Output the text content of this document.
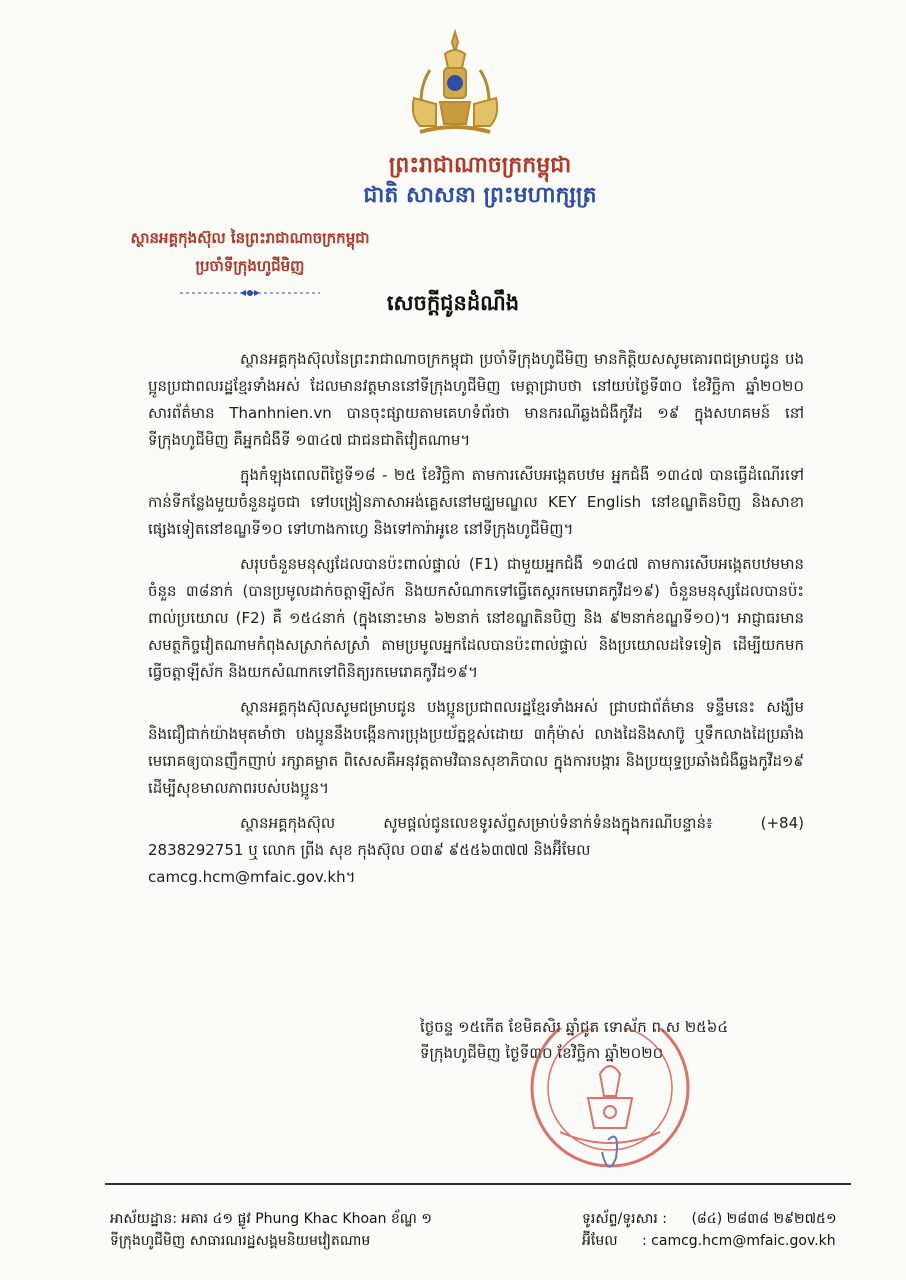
ព្រះរាជាណាចក្រកម្ពុជា
ជាតិ សាសនា ព្រះមហាក្សត្រ
ស្ថានអគ្គកុងស៊ុល នៃព្រះរាជាណាចក្រកម្ពុជា
ប្រចាំទីក្រុងហូជីមិញ
សេចក្តីជូនដំណឹង

ស្ថានអគ្គកុងស៊ុលនៃព្រះរាជាណាចក្រកម្ពុជា ប្រចាំទីក្រុងហូជីមិញ មានកិត្តិយសសូមគោរពជម្រាបជូន បងប្អូនប្រជាពលរដ្ឋខ្មែរទាំងអស់ ដែលមានវត្តមាននៅទីក្រុងហូជីមិញ មេត្តាជ្រាបថា នៅយប់ថ្ងៃទី៣០ ខែវិច្ឆិកា ឆ្នាំ២០២០ សារព័ត៌មាន Thanhnien.vn បានចុះផ្សាយតាមគេហទំព័រថា មានករណីឆ្លងជំងឺកូវីដ ១៩ ក្នុងសហគមន៍ នៅទីក្រុងហូជីមិញ គឺអ្នកជំងឺទី ១៣៤៧ ជាជនជាតិវៀតណាម។

ក្នុងកំឡុងពេលពីថ្ងៃទី១៨ - ២៥ ខែវិច្ឆិកា តាមការសើបអង្កេតបឋម អ្នកជំងឺ ១៣៤៧ បានធ្វើដំណើរទៅកាន់ទីកន្លែងមួយចំនួនដូចជា ទៅបង្រៀនភាសាអង់គ្លេសនៅមជ្ឈមណ្ឌល KEY English នៅខណ្ឌតិនបិញ និងសាខាផ្សេងទៀតនៅខណ្ឌទី១០ ទៅហាងកាហ្វេ និងទៅការ៉ាអូខេ នៅទីក្រុងហូជីមិញ។

សរុបចំនួនមនុស្សដែលបានប៉ះពាល់ផ្ទាល់ (F1) ជាមួយអ្នកជំងឺ ១៣៤៧ តាមការសើបអង្កេតបឋមមានចំនួន ៣៨នាក់ (បានប្រមូលដាក់ចត្តាឡីស័ក និងយកសំណាកទៅធ្វើតេស្តរកមេរោគកូវីដ១៩) ចំនួនមនុស្សដែលបានប៉ះពាល់ប្រយោល (F2) គឺ ១៥៤នាក់ (ក្នុងនោះមាន ៦២នាក់ នៅខណ្ឌតិនបិញ និង ៩២នាក់ខណ្ឌទី១០)។ អាជ្ញាធរមានសមត្ថកិច្ចវៀតណាមកំពុងសស្រាក់សស្រាំ តាមប្រមូលអ្នកដែលបានប៉ះពាល់ផ្ទាល់ និងប្រយោលដទៃទៀត ដើម្បីយកមកធ្វើចត្តាឡីស័ក និងយកសំណាកទៅពិនិត្យរកមេរោគកូវីដ១៩។

ស្ថានអគ្គកុងស៊ុលសូមជម្រាបជូន បងប្អូនប្រជាពលរដ្ឋខ្មែរទាំងអស់ ជ្រាបជាព័ត៌មាន ទន្ទឹមនេះ សង្ឃឹម និងជឿជាក់យ៉ាងមុតមាំថា បងប្អូននឹងបង្កើនការប្រុងប្រយ័ត្នខ្ពស់ដោយ ៣កុំម៉ាស់ លាងដៃនិងសាប៊ូ ឬទឹកលាងដៃប្រឆាំងមេរោគឲ្យបានញឹកញាប់ រក្សាគម្លាត ពិសេសគឺអនុវត្តតាមវិធានសុខាភិបាល ក្នុងការបង្ការ និងប្រយុទ្ធប្រឆាំងជំងឺឆ្លងកូវីដ១៩ ដើម្បីសុខមាលភាពរបស់បងប្អូន។

ស្ថានអគ្គកុងស៊ុល សូមផ្តល់ជូនលេខទូរស័ព្ទសម្រាប់ទំនាក់ទំនងក្នុងករណីបន្ទាន់៖ (+84) 2838292751 ឬ លោក ព្រីង សុខ កុងស៊ុល ០៣៩ ៩៥៥៦៣៧៧ និងអ៊ីមែល
camcg.hcm@mfaic.gov.kh។

ថ្ងៃចន្ទ ១៥កើត ខែមិគសិរ ឆ្នាំជូត ទោស័ក ព.ស ២៥៦៤
ទីក្រុងហូជីមិញ ថ្ងៃទី៣០ ខែវិច្ឆិកា ឆ្នាំ២០២០
អាស័យដ្ឋាន: អគារ ៤១ ផ្លូវ Phung Khac Khoan ខ័ណ្ឌ ១
ទីក្រុងហូជីមិញ សាធារណរដ្ឋសង្គមនិយមវៀតណាម
ទូរស័ព្ទ/ទូរសារ : (៨៤) ២៨៣៨ ២៩២៧៥១
អ៊ីមែល : camcg.hcm@mfaic.gov.kh
